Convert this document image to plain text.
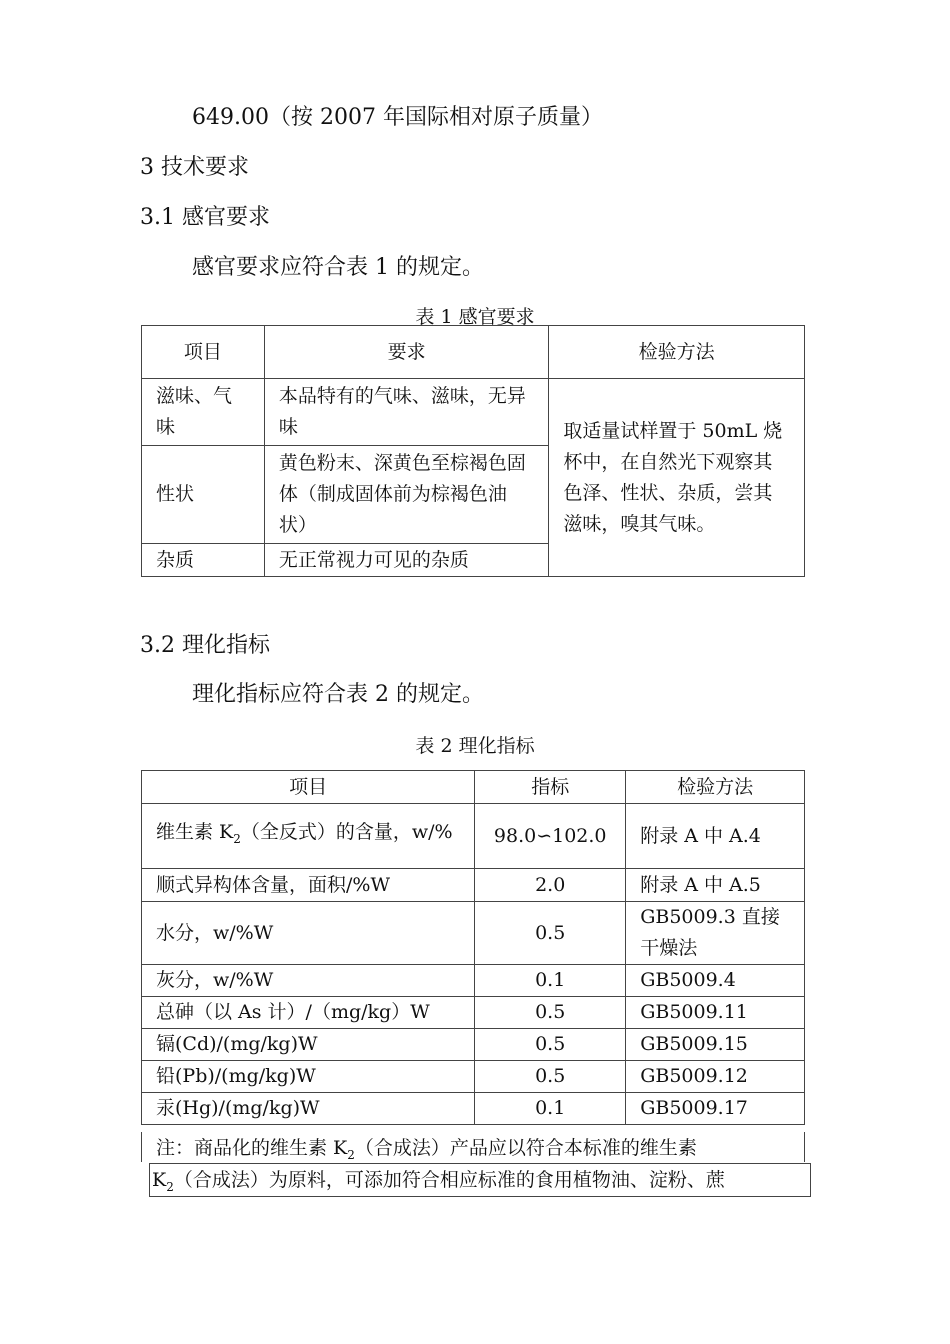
649.00（按 2007 年国际相对原子质量）
3 技术要求
3.1 感官要求
感官要求应符合表 1 的规定。
表 1 感官要求
项目	要求	检验方法
滋味、气味	本品特有的气味、滋味，无异味	取适量试样置于 50mL 烧杯中，在自然光下观察其色泽、性状、杂质，尝其滋味，嗅其气味。
性状	黄色粉末、深黄色至棕褐色固体（制成固体前为棕褐色油状）	
杂质	无正常视力可见的杂质	
3.2 理化指标
理化指标应符合表 2 的规定。
表 2 理化指标
项目	指标	检验方法
维生素 $K_2$（全反式）的含量，w/%	98.0∽102.0	附录 A 中 A.4
顺式异构体含量，面积/%W	2.0	附录 A 中 A.5
水分，w/%W	0.5	GB5009.3 直接干燥法
灰分，w/%W	0.1	GB5009.4
总砷（以 As 计）/（mg/kg）W	0.5	GB5009.11
镉(Cd)/(mg/kg)W	0.5	GB5009.15
铅(Pb)/(mg/kg)W	0.5	GB5009.12
汞(Hg)/(mg/kg)W	0.1	GB5009.17
注：商品化的维生素 $K_2$（合成法）产品应以符合本标准的维生素
$K_2$（合成法）为原料，可添加符合相应标准的食用植物油、淀粉、蔗
